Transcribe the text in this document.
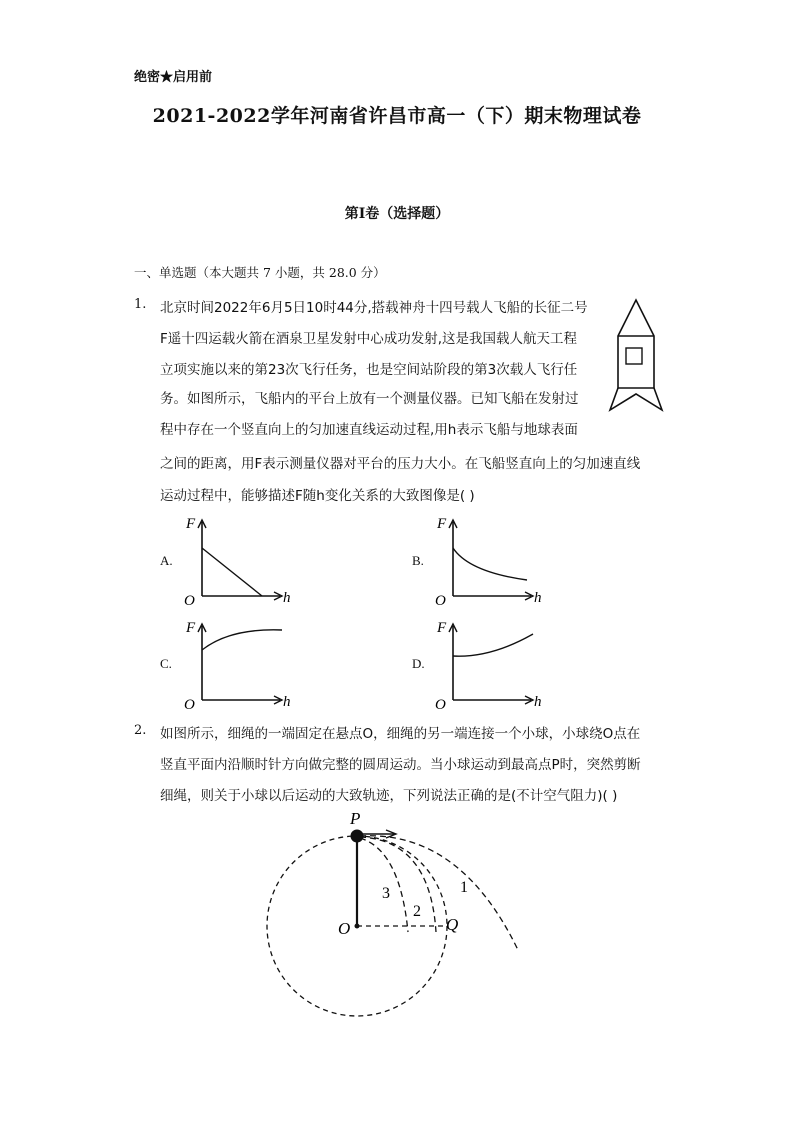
绝密★启用前
2021-2022学年河南省许昌市高一（下）期末物理试卷
第I卷（选择题）
一、单选题（本大题共 7 小题，共 28.0 分）
1. 北京时间2022年6月5日10时44分,搭载神舟十四号载人飞船的长征二号
F遥十四运载火箭在酒泉卫星发射中心成功发射,这是我国载人航天工程
立项实施以来的第23次飞行任务，也是空间站阶段的第3次载人飞行任
务。如图所示，飞船内的平台上放有一个测量仪器。已知飞船在发射过
程中存在一个竖直向上的匀加速直线运动过程,用h表示飞船与地球表面
之间的距离，用F表示测量仪器对平台的压力大小。在飞船竖直向上的匀加速直线
运动过程中，能够描述F随h变化关系的大致图像是( )
A.
F
O	h
B.
F
O	h
C.
F
O	h
D.
F
O	h
2. 如图所示，细绳的一端固定在悬点O，细绳的另一端连接一个小球，小球绕O点在
竖直平面内沿顺时针方向做完整的圆周运动。当小球运动到最高点P时，突然剪断
细绳，则关于小球以后运动的大致轨迹，下列说法正确的是(不计空气阻力)( )
P
O	Q
3
2
1
